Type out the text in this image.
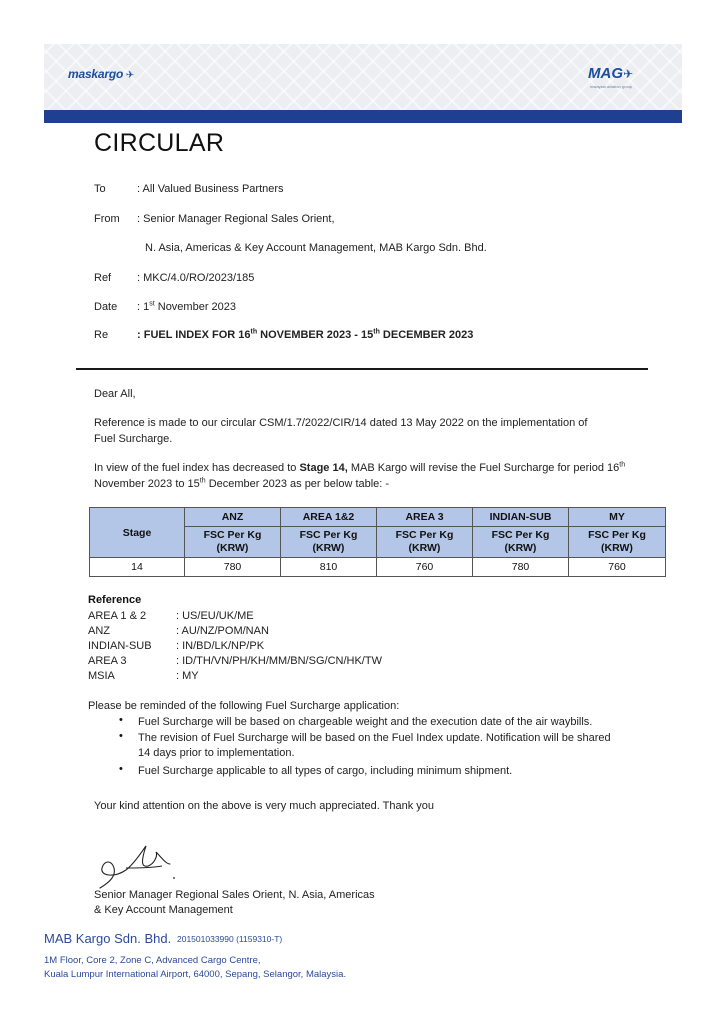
maskargo ✈	MAG✈
malaysia aviation group
CIRCULAR
To	: All Valued Business Partners
From : Senior Manager Regional Sales Orient,
N. Asia, Americas & Key Account Management, MAB Kargo Sdn. Bhd.
Ref : MKC/4.0/RO/2023/185
Date : 1st November 2023
Re	: FUEL INDEX FOR 16th NOVEMBER 2023 - 15th DECEMBER 2023
Dear All,
Reference is made to our circular CSM/1.7/2022/CIR/14 dated 13 May 2022 on the implementation of
Fuel Surcharge.
In view of the fuel index has decreased to Stage 14, MAB Kargo will revise the Fuel Surcharge for period 16th
November 2023 to 15th December 2023 as per below table: -
Stage	ANZ	AREA 1&2	AREA 3	INDIAN-SUB	MY
	FSC Per Kg
(KRW)	FSC Per Kg
(KRW)	FSC Per Kg
(KRW)	FSC Per Kg
(KRW)	FSC Per Kg
(KRW)
14	780	810	760	780	760
Reference
AREA 1 & 2	: US/EU/UK/ME
ANZ	: AU/NZ/POM/NAN
INDIAN-SUB : IN/BD/LK/NP/PK
AREA 3	: ID/TH/VN/PH/KH/MM/BN/SG/CN/HK/TW
MSIA	: MY
Please be reminded of the following Fuel Surcharge application:
• Fuel Surcharge will be based on chargeable weight and the execution date of the air waybills.
• The revision of Fuel Surcharge will be based on the Fuel Index update. Notification will be shared
14 days prior to implementation.
• Fuel Surcharge applicable to all types of cargo, including minimum shipment.
Your kind attention on the above is very much appreciated. Thank you
Senior Manager Regional Sales Orient, N. Asia, Americas
& Key Account Management
MAB Kargo Sdn. Bhd. 201501033990 (1159310-T)
1M Floor, Core 2, Zone C, Advanced Cargo Centre,
Kuala Lumpur International Airport, 64000, Sepang, Selangor, Malaysia.
